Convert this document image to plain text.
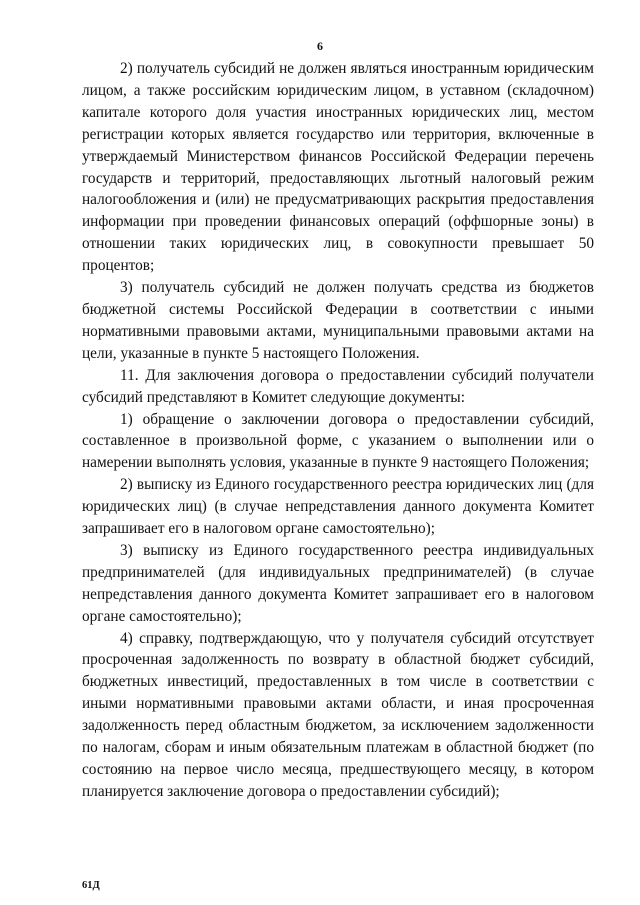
6

2) получатель субсидий не должен являться иностранным юридическим лицом, а также российским юридическим лицом, в уставном (складочном) капитале которого доля участия иностранных юридических лиц, местом регистрации которых является государство или территория, включенные в утверждаемый Министерством финансов Российской Федерации перечень государств и территорий, предоставляющих льготный налоговый режим налогообложения и (или) не предусматривающих раскрытия предоставления информации при проведении финансовых операций (оффшорные зоны) в отношении таких юридических лиц, в совокупности превышает 50 процентов;

3) получатель субсидий не должен получать средства из бюджетов бюджетной системы Российской Федерации в соответствии с иными нормативными правовыми актами, муниципальными правовыми актами на цели, указанные в пункте 5 настоящего Положения.

11. Для заключения договора о предоставлении субсидий получатели субсидий представляют в Комитет следующие документы:

1) обращение о заключении договора о предоставлении субсидий, составленное в произвольной форме, с указанием о выполнении или о намерении выполнять условия, указанные в пункте 9 настоящего Положения;

2) выписку из Единого государственного реестра юридических лиц (для юридических лиц) (в случае непредставления данного документа Комитет запрашивает его в налоговом органе самостоятельно);

3) выписку из Единого государственного реестра индивидуальных предпринимателей (для индивидуальных предпринимателей) (в случае непредставления данного документа Комитет запрашивает его в налоговом органе самостоятельно);

4) справку, подтверждающую, что у получателя субсидий отсутствует просроченная задолженность по возврату в областной бюджет субсидий, бюджетных инвестиций, предоставленных в том числе в соответствии с иными нормативными правовыми актами области, и иная просроченная задолженность перед областным бюджетом, за исключением задолженности по налогам, сборам и иным обязательным платежам в областной бюджет (по состоянию на первое число месяца, предшествующего месяцу, в котором планируется заключение договора о предоставлении субсидий);

61Д
